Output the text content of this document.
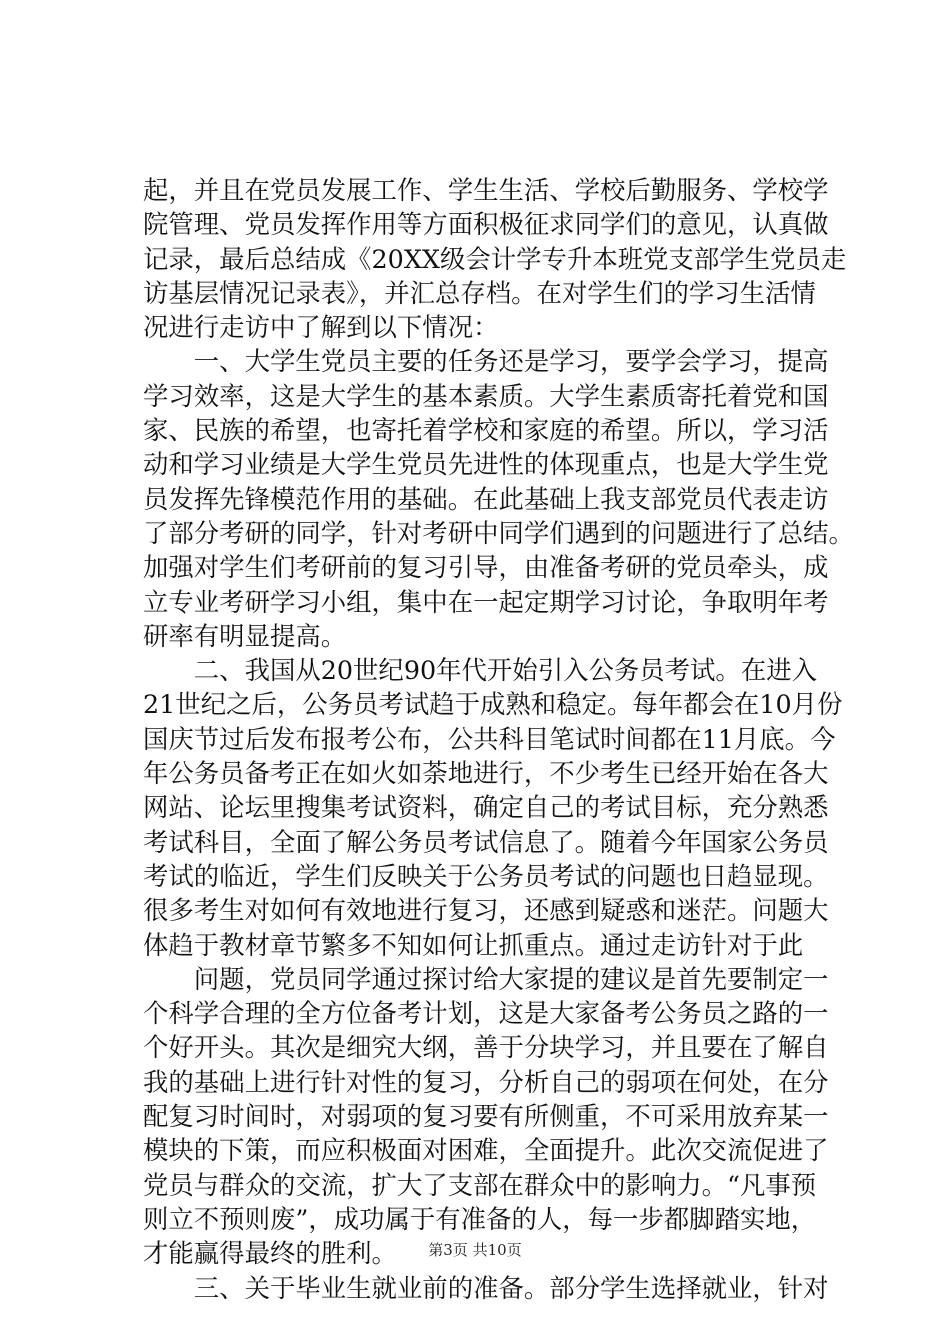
起，并且在党员发展工作、学生生活、学校后勤服务、学校学
院管理、党员发挥作用等方面积极征求同学们的意见，认真做
记录，最后总结成《20XX级会计学专升本班党支部学生党员走
访基层情况记录表》，并汇总存档。在对学生们的学习生活情
况进行走访中了解到以下情况：
　　一、大学生党员主要的任务还是学习，要学会学习，提高
学习效率，这是大学生的基本素质。大学生素质寄托着党和国
家、民族的希望，也寄托着学校和家庭的希望。所以，学习活
动和学习业绩是大学生党员先进性的体现重点，也是大学生党
员发挥先锋模范作用的基础。在此基础上我支部党员代表走访
了部分考研的同学，针对考研中同学们遇到的问题进行了总结。
加强对学生们考研前的复习引导，由准备考研的党员牵头，成
立专业考研学习小组，集中在一起定期学习讨论，争取明年考
研率有明显提高。
　　二、我国从20世纪90年代开始引入公务员考试。在进入
21世纪之后，公务员考试趋于成熟和稳定。每年都会在10月份
国庆节过后发布报考公布，公共科目笔试时间都在11月底。今
年公务员备考正在如火如荼地进行，不少考生已经开始在各大
网站、论坛里搜集考试资料，确定自己的考试目标，充分熟悉
考试科目，全面了解公务员考试信息了。随着今年国家公务员
考试的临近，学生们反映关于公务员考试的问题也日趋显现。
很多考生对如何有效地进行复习，还感到疑惑和迷茫。问题大
体趋于教材章节繁多不知如何让抓重点。通过走访针对于此
　　问题，党员同学通过探讨给大家提的建议是首先要制定一
个科学合理的全方位备考计划，这是大家备考公务员之路的一
个好开头。其次是细究大纲，善于分块学习，并且要在了解自
我的基础上进行针对性的复习，分析自己的弱项在何处，在分
配复习时间时，对弱项的复习要有所侧重，不可采用放弃某一
模块的下策，而应积极面对困难，全面提升。此次交流促进了
党员与群众的交流，扩大了支部在群众中的影响力。“凡事预
则立不预则废”，成功属于有准备的人，每一步都脚踏实地，
才能赢得最终的胜利。
　　三、关于毕业生就业前的准备。部分学生选择就业，针对
第3页 共10页
